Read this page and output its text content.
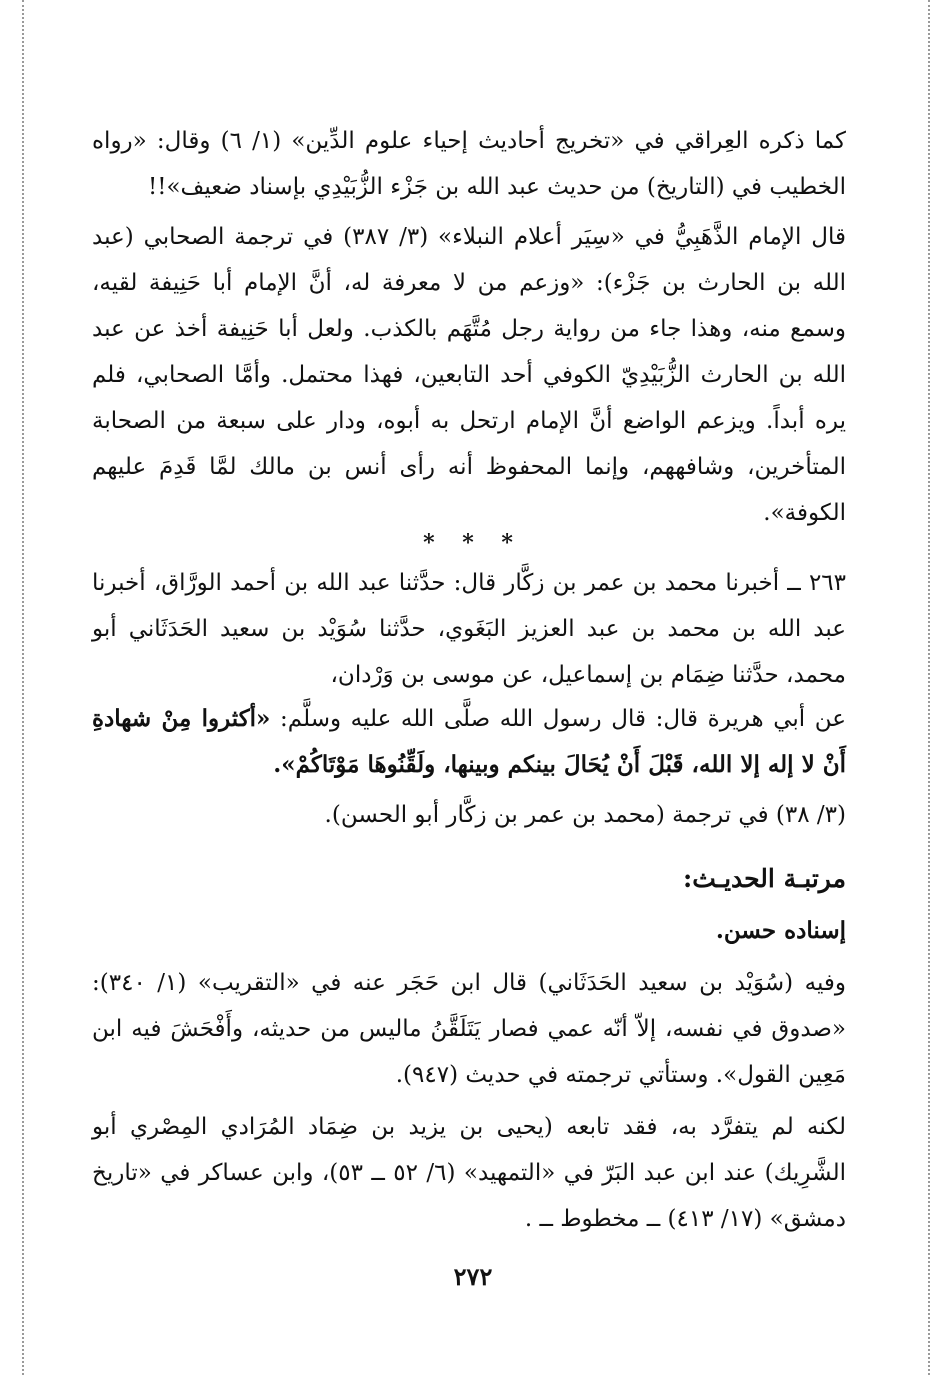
كما ذكره العِراقي في «تخريج أحاديث إحياء علوم الدِّين» (١/ ٦) وقال: «رواه الخطيب في (التاريخ) من حديث عبد الله بن جَزْء الزُّبَيْدِي بإسناد ضعيف»!!

قال الإمام الذَّهَبِيُّ في «سِيَر أعلام النبلاء» (٣/ ٣٨٧) في ترجمة الصحابي (عبد الله بن الحارث بن جَزْء): «وزعم من لا معرفة له، أنَّ الإمام أبا حَنِيفة لقيه، وسمع منه، وهذا جاء من رواية رجل مُتَّهَم بالكذب. ولعل أبا حَنِيفة أخذ عن عبد الله بن الحارث الزُّبَيْدِيّ الكوفي أحد التابعين، فهذا محتمل. وأمَّا الصحابي، فلم يره أبداً. ويزعم الواضع أنَّ الإمام ارتحل به أبوه، ودار على سبعة من الصحابة المتأخرين، وشافههم، وإنما المحفوظ أنه رأى أنس بن مالك لمَّا قَدِمَ عليهم الكوفة».

* * *

٢٦٣ ــ أخبرنا محمد بن عمر بن زكَّار قال: حدَّثنا عبد الله بن أحمد الورَّاق، أخبرنا عبد الله بن محمد بن عبد العزيز البَغَوي، حدَّثنا سُوَيْد بن سعيد الحَدَثَاني أبو محمد، حدَّثنا ضِمَام بن إسماعيل، عن موسى بن وَرْدان،

عن أبي هريرة قال: قال رسول الله صلَّى الله عليه وسلَّم: «أكثروا مِنْ شهادةِ أَنْ لا إله إلا الله، قَبْلَ أَنْ يُحَالَ بينكم وبينها، ولَقِّنُوهَا مَوْتَاكُمْ».

(٣/ ٣٨) في ترجمة (محمد بن عمر بن زكَّار أبو الحسن).

مرتبـة الحديـث:
إسناده حسن.

وفيه (سُوَيْد بن سعيد الحَدَثَاني) قال ابن حَجَر عنه في «التقريب» (١/ ٣٤٠): «صدوق في نفسه، إلاّ أنّه عمي فصار يَتَلَقَّنُ ماليس من حديثه، وأَفْحَشَ فيه ابن مَعِين القول». وستأتي ترجمته في حديث (٩٤٧).

لكنه لم يتفرَّد به، فقد تابعه (يحيى بن يزيد بن ضِمَاد المُرَادي المِصْري أبو الشَّرِيك) عند ابن عبد البَرّ في «التمهيد» (٦/ ٥٢ ــ ٥٣)، وابن عساكر في «تاريخ دمشق» (١٧/ ٤١٣) ــ مخطوط ــ .

٢٧٢
